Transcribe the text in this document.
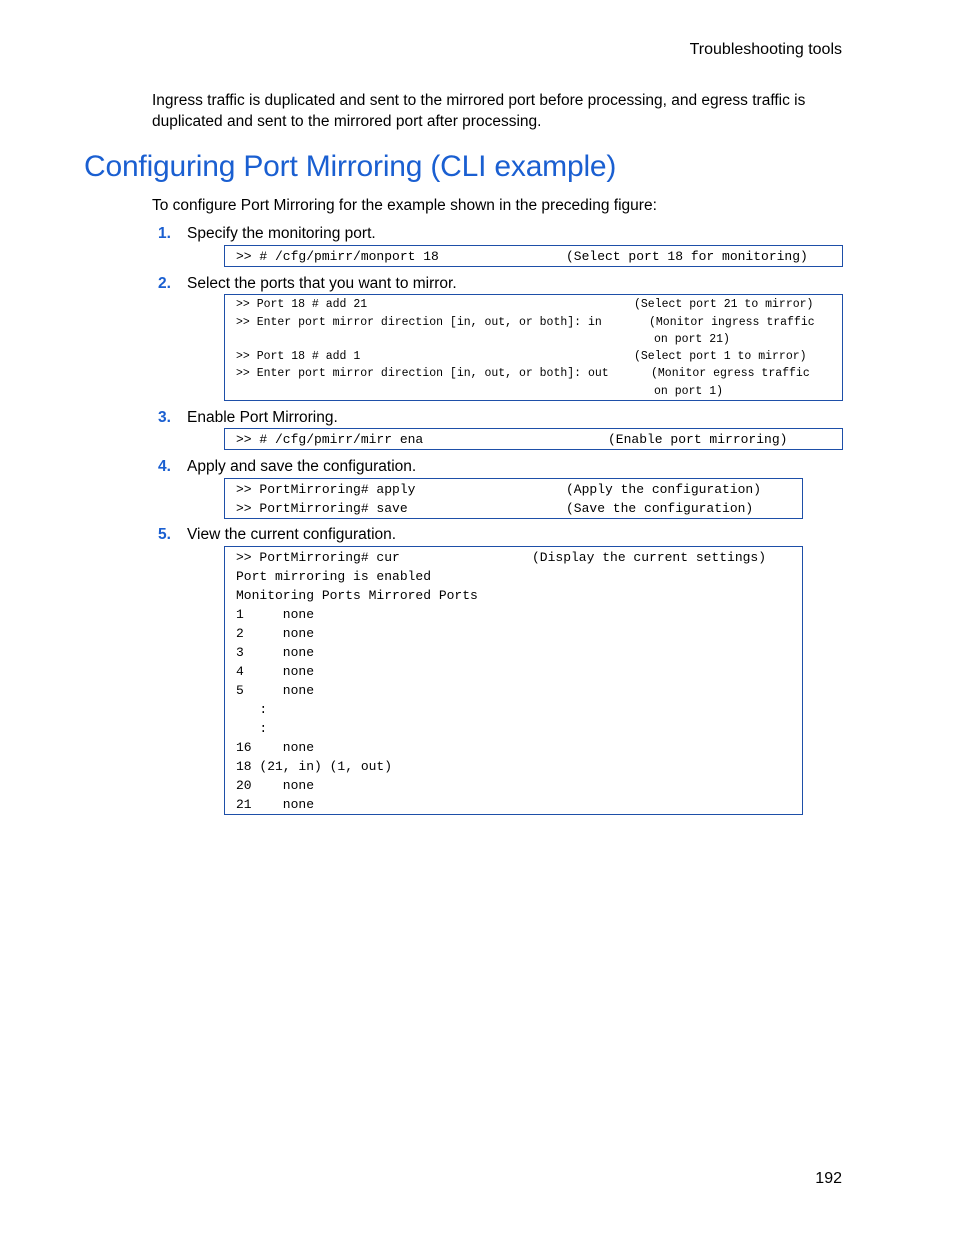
Troubleshooting tools

Ingress traffic is duplicated and sent to the mirrored port before processing, and egress traffic is duplicated and sent to the mirrored port after processing.

Configuring Port Mirroring (CLI example)

To configure Port Mirroring for the example shown in the preceding figure:

1. Specify the monitoring port.
>> # /cfg/pmirr/monport 18	(Select port 18 for monitoring)
2. Select the ports that you want to mirror.
>> Port 18 # add 21	(Select port 21 to mirror)
>> Enter port mirror direction [in, out, or both]: in	(Monitor ingress traffic
on port 21)
>> Port 18 # add 1	(Select port 1 to mirror)
>> Enter port mirror direction [in, out, or both]: out	(Monitor egress traffic
on port 1)
3. Enable Port Mirroring.
>> # /cfg/pmirr/mirr ena	(Enable port mirroring)
4. Apply and save the configuration.
>> PortMirroring# apply	(Apply the configuration)
>> PortMirroring# save	(Save the configuration)
5. View the current configuration.
>> PortMirroring# cur	(Display the current settings)
Port mirroring is enabled
Monitoring Ports Mirrored Ports
1     none
2     none
3     none
4     none
5     none
:
:
16    none
18 (21, in) (1, out)
20    none
21    none
192
